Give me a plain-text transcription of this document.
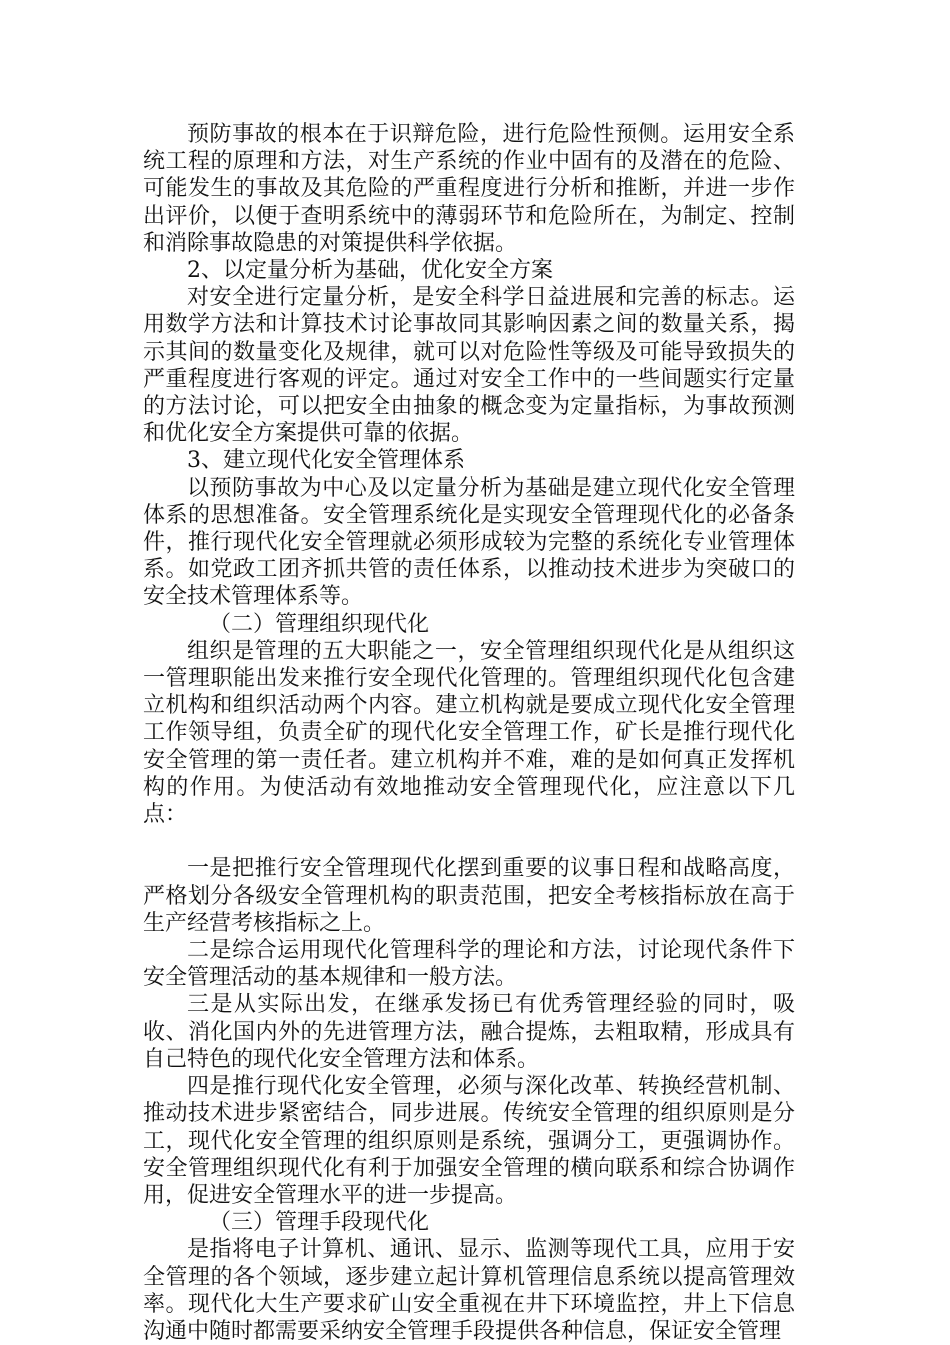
预防事故的根本在于识辩危险，进行危险性预侧。运用安全系统工程的原理和方法，对生产系统的作业中固有的及潜在的危险、可能发生的事故及其危险的严重程度进行分析和推断，并进一步作出评价，以便于查明系统中的薄弱环节和危险所在，为制定、控制和消除事故隐患的对策提供科学依据。

2、以定量分析为基础，优化安全方案

对安全进行定量分析，是安全科学日益进展和完善的标志。运用数学方法和计算技术讨论事故同其影响因素之间的数量关系，揭示其间的数量变化及规律，就可以对危险性等级及可能导致损失的严重程度进行客观的评定。通过对安全工作中的一些间题实行定量的方法讨论，可以把安全由抽象的概念变为定量指标，为事故预测和优化安全方案提供可靠的依据。

3、建立现代化安全管理体系

以预防事故为中心及以定量分析为基础是建立现代化安全管理体系的思想准备。安全管理系统化是实现安全管理现代化的必备条件，推行现代化安全管理就必须形成较为完整的系统化专业管理体系。如党政工团齐抓共管的责任体系，以推动技术进步为突破口的安全技术管理体系等。

（二）管理组织现代化

组织是管理的五大职能之一，安全管理组织现代化是从组织这一管理职能出发来推行安全现代化管理的。管理组织现代化包含建立机构和组织活动两个内容。建立机构就是要成立现代化安全管理工作领导组，负责全矿的现代化安全管理工作，矿长是推行现代化安全管理的第一责任者。建立机构并不难，难的是如何真正发挥机构的作用。为使活动有效地推动安全管理现代化，应注意以下几点：

一是把推行安全管理现代化摆到重要的议事日程和战略高度，严格划分各级安全管理机构的职责范围，把安全考核指标放在高于生产经营考核指标之上。

二是综合运用现代化管理科学的理论和方法，讨论现代条件下安全管理活动的基本规律和一般方法。

三是从实际出发，在继承发扬已有优秀管理经验的同时，吸收、消化国内外的先进管理方法，融合提炼，去粗取精，形成具有自己特色的现代化安全管理方法和体系。

四是推行现代化安全管理，必须与深化改革、转换经营机制、推动技术进步紧密结合，同步进展。传统安全管理的组织原则是分工，现代化安全管理的组织原则是系统，强调分工，更强调协作。安全管理组织现代化有利于加强安全管理的横向联系和综合协调作用，促进安全管理水平的进一步提高。

（三）管理手段现代化

是指将电子计算机、通讯、显示、监测等现代工具，应用于安全管理的各个领域，逐步建立起计算机管理信息系统以提高管理效率。现代化大生产要求矿山安全重视在井下环境监控，井上下信息沟通中随时都需要采纳安全管理手段提供各种信息，保证安全管理
